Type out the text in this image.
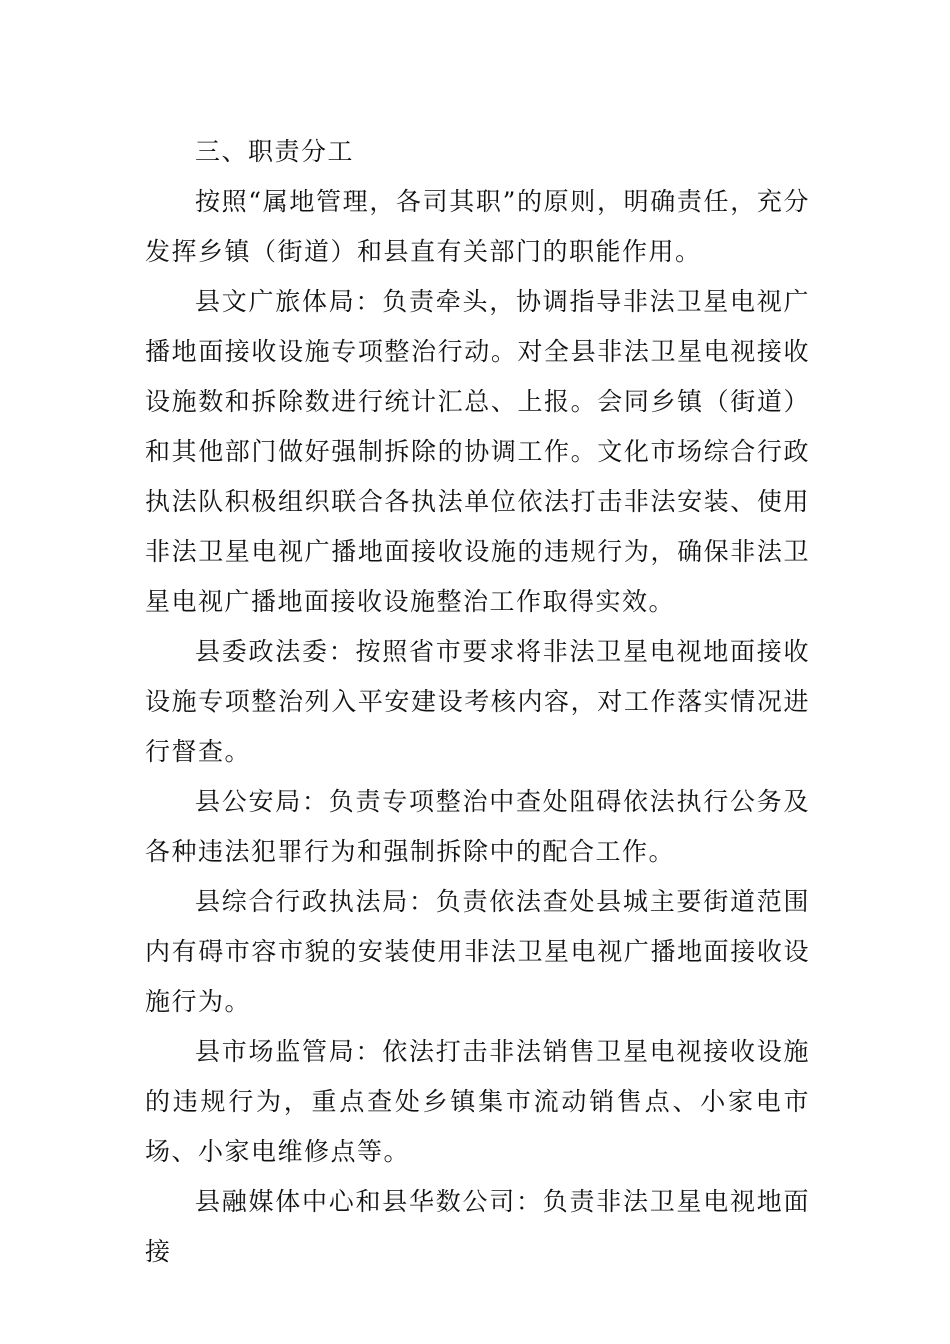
三、职责分工

按照“属地管理，各司其职”的原则，明确责任，充分发挥乡镇（街道）和县直有关部门的职能作用。

县文广旅体局：负责牵头，协调指导非法卫星电视广播地面接收设施专项整治行动。对全县非法卫星电视接收设施数和拆除数进行统计汇总、上报。会同乡镇（街道）和其他部门做好强制拆除的协调工作。文化市场综合行政执法队积极组织联合各执法单位依法打击非法安装、使用非法卫星电视广播地面接收设施的违规行为，确保非法卫星电视广播地面接收设施整治工作取得实效。

县委政法委：按照省市要求将非法卫星电视地面接收设施专项整治列入平安建设考核内容，对工作落实情况进行督查。

县公安局：负责专项整治中查处阻碍依法执行公务及各种违法犯罪行为和强制拆除中的配合工作。

县综合行政执法局：负责依法查处县城主要街道范围内有碍市容市貌的安装使用非法卫星电视广播地面接收设施行为。

县市场监管局：依法打击非法销售卫星电视接收设施的违规行为，重点查处乡镇集市流动销售点、小家电市场、小家电维修点等。

县融媒体中心和县华数公司：负责非法卫星电视地面接
